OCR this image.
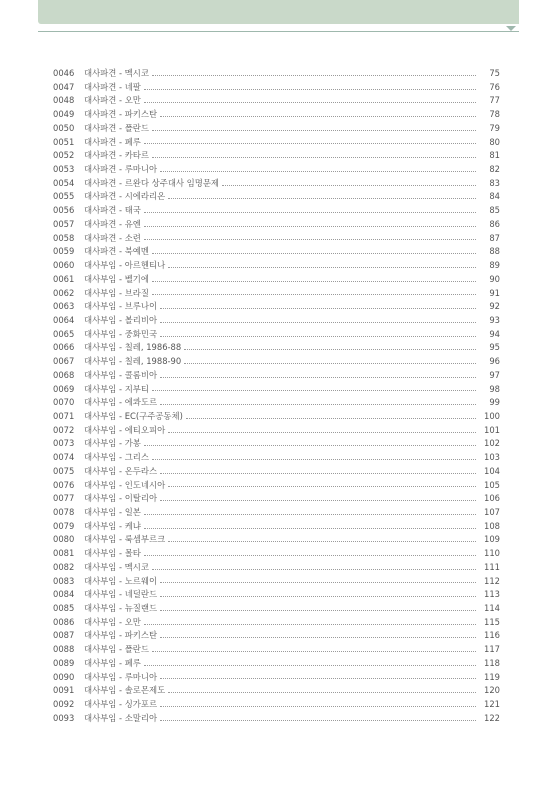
0046	대사파견 - 멕시코	75
0047	대사파견 - 네팔	76
0048	대사파견 - 오만	77
0049	대사파견 - 파키스탄	78
0050	대사파견 - 폴란드	79
0051	대사파견 - 페루	80
0052	대사파견 - 카타르	81
0053	대사파견 - 루마니아	82
0054	대사파견 - 르완다 상주대사 임명문제	83
0055	대사파견 - 시에라리온	84
0056	대사파견 - 태국	85
0057	대사파견 - 유엔	86
0058	대사파견 - 소련	87
0059	대사파견 - 북예멘	88
0060	대사부임 - 아르헨티나	89
0061	대사부임 - 벨기에	90
0062	대사부임 - 브라질	91
0063	대사부임 - 브루나이	92
0064	대사부임 - 볼리비아	93
0065	대사부임 - 중화민국	94
0066	대사부임 - 칠레, 1986-88	95
0067	대사부임 - 칠레, 1988-90	96
0068	대사부임 - 콜롬비아	97
0069	대사부임 - 지부티	98
0070	대사부임 - 에콰도르	99
0071	대사부임 - EC(구주공동체)	100
0072	대사부임 - 에티오피아	101
0073	대사부임 - 가봉	102
0074	대사부임 - 그리스	103
0075	대사부임 - 온두라스	104
0076	대사부임 - 인도네시아	105
0077	대사부임 - 이탈리아	106
0078	대사부임 - 일본	107
0079	대사부임 - 케냐	108
0080	대사부임 - 룩셈부르크	109
0081	대사부임 - 몰타	110
0082	대사부임 - 멕시코	111
0083	대사부임 - 노르웨이	112
0084	대사부임 - 네덜란드	113
0085	대사부임 - 뉴질랜드	114
0086	대사부임 - 오만	115
0087	대사부임 - 파키스탄	116
0088	대사부임 - 폴란드	117
0089	대사부임 - 페루	118
0090	대사부임 - 루마니아	119
0091	대사부임 - 솔로몬제도	120
0092	대사부임 - 싱가포르	121
0093	대사부임 - 소말리아	122
